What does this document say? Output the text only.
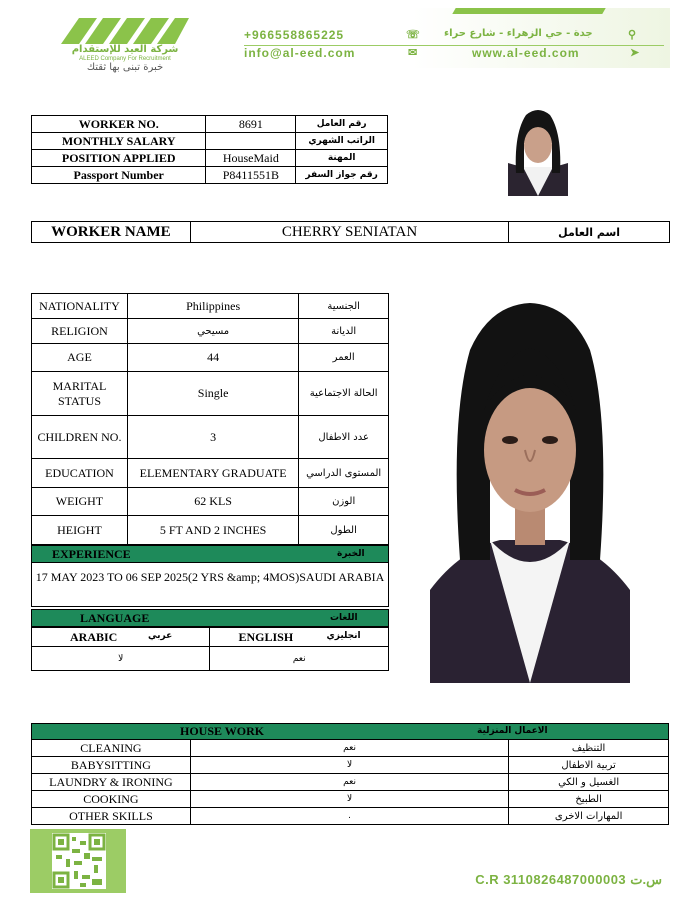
شركة العيد للإستقدام
ALEED Company For Recruitment
خبرة تبنى بها ثقتك
+966558865225	☏ جدة - حي الزهراء - شارع حراء	⚲
info@al-eed.com	✉	www.al-eed.com	➤
WORKER NO.	8691	رقم العامل
MONTHLY SALARY		الراتب الشهري
POSITION APPLIED	HouseMaid	المهنة
Passport Number	P8411551B	رقم جواز السفر
WORKER NAME	CHERRY SENIATAN	اسم العامل
NATIONALITY	Philippines	الجنسية
RELIGION	مسيحي	الديانة
AGE	44	العمر
MARITAL STATUS	Single	الحالة الاجتماعية
CHILDREN NO.	3	عدد الاطفال
EDUCATION	ELEMENTARY GRADUATE	المستوى الدراسي
WEIGHT	62 KLS	الوزن
HEIGHT	5 FT AND 2 INCHES	الطول
EXPERIENCE	الخبرة
17 MAY 2023 TO 06 SEP 2025(2 YRS &amp; 4MOS)SAUDI ARABIA
LANGUAGE	اللغات
ARABIC عربي	ENGLISH انجليزي

لا	نعم
HOUSE WORK	الاعمال المنزلية
CLEANING	نعم	التنظيف
BABYSITTING	لا	تربية الاطفال
LAUNDRY & IRONING	نعم	الغسيل و الكي
COOKING	لا	الطبيخ
OTHER SKILLS	.	المهارات الاخرى
C.R 3110826487000003 س.ت
